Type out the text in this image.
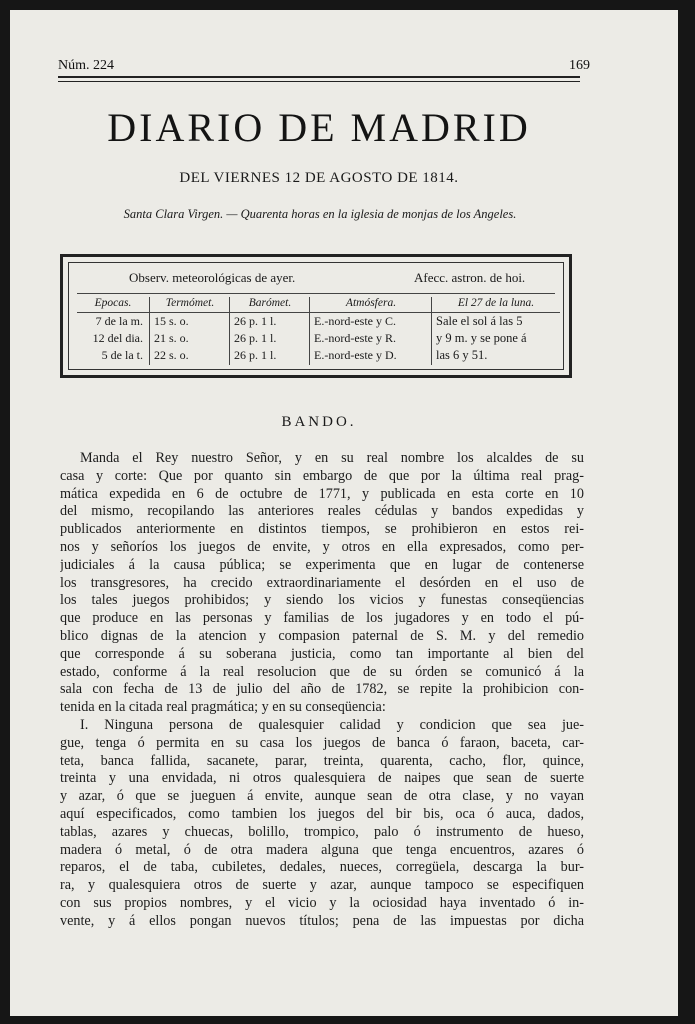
Núm. 224	169
DIARIO DE MADRID
DEL VIERNES 12 DE AGOSTO DE 1814.
Santa Clara Virgen. — Quarenta horas en la iglesia de monjas de los Angeles.
Observ. meteorológicas de ayer.	Afecc. astron. de hoi.
Epocas.
7 de la m.
12 del dia.
5 de la t.
Termómet.
15 s. o.
21 s. o.
22 s. o.
Barómet.
26 p. 1 l.
26 p. 1 l.
26 p. 1 l.
Atmósfera.
E.-nord-este y C.
E.-nord-este y R.
E.-nord-este y D.
El 27 de la luna.
Sale el sol á las 5
y 9 m. y se pone á
las 6 y 51.
BANDO.
Manda el Rey nuestro Señor, y en su real nombre los alcaldes de su
casa y corte: Que por quanto sin embargo de que por la última real prag-
mática expedida en 6 de octubre de 1771, y publicada en esta corte en 10
del mismo, recopilando las anteriores reales cédulas y bandos expedidas y
publicados anteriormente en distintos tiempos, se prohibieron en estos rei-
nos y señoríos los juegos de envite, y otros en ella expresados, como per-
judiciales á la causa pública; se experimenta que en lugar de contenerse
los transgresores, ha crecido extraordinariamente el desórden en el uso de
los tales juegos prohibidos; y siendo los vicios y funestas conseqüencias
que produce en las personas y familias de los jugadores y en todo el pú-
blico dignas de la atencion y compasion paternal de S. M. y del remedio
que corresponde á su soberana justicia, como tan importante al bien del
estado, conforme á la real resolucion que de su órden se comunicó á la
sala con fecha de 13 de julio del año de 1782, se repite la prohibicion con-
tenida en la citada real pragmática; y en su conseqüencia:
I. Ninguna persona de qualesquier calidad y condicion que sea jue-
gue, tenga ó permita en su casa los juegos de banca ó faraon, baceta, car-
teta, banca fallida, sacanete, parar, treinta, quarenta, cacho, flor, quince,
treinta y una envidada, ni otros qualesquiera de naipes que sean de suerte
y azar, ó que se jueguen á envite, aunque sean de otra clase, y no vayan
aquí especificados, como tambien los juegos del bir bis, oca ó auca, dados,
tablas, azares y chuecas, bolillo, trompico, palo ó instrumento de hueso,
madera ó metal, ó de otra madera alguna que tenga encuentros, azares ó
reparos, el de taba, cubiletes, dedales, nueces, corregüela, descarga la bur-
ra, y qualesquiera otros de suerte y azar, aunque tampoco se especifiquen
con sus propios nombres, y el vicio y la ociosidad haya inventado ó in-
vente, y á ellos pongan nuevos títulos; pena de las impuestas por dicha
